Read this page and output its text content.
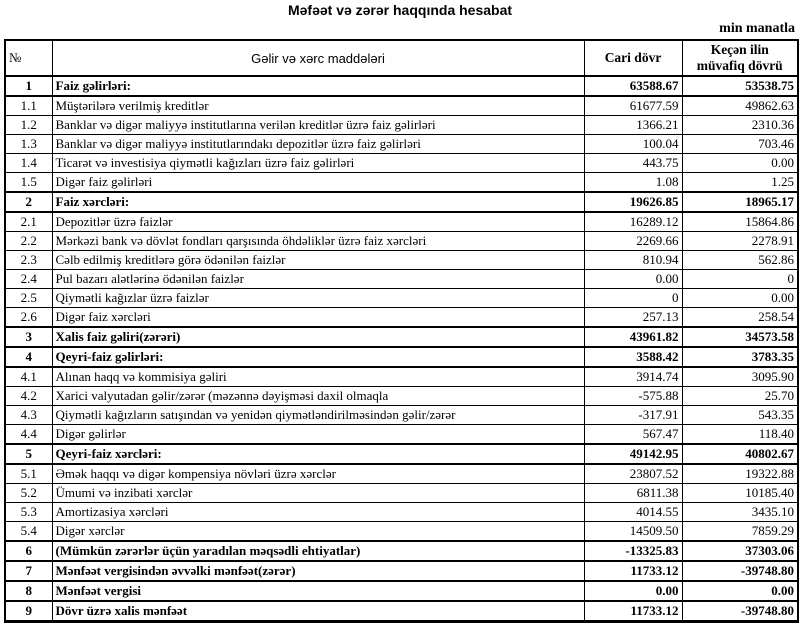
Məfəət və zərər haqqında hesabat
min manatla
№	Gəlir və xərc maddələri	Cari dövr	Keçən ilin müvafiq dövrü
1	Faiz gəlirləri:	63588.67	53538.75
1.1	Müştərilərə verilmiş kreditlər	61677.59	49862.63
1.2	Banklar və digər maliyyə institutlarına verilən kreditlər üzrə faiz gəlirləri	1366.21	2310.36
1.3	Banklar və digər maliyyə institutlarındakı depozitlər üzrə faiz gəlirləri	100.04	703.46
1.4	Ticarət və investisiya qiymətli kağızları üzrə faiz gəlirləri	443.75	0.00
1.5	Digər faiz gəlirləri	1.08	1.25
2	Faiz xərcləri:	19626.85	18965.17
2.1	Depozitlər üzrə faizlər	16289.12	15864.86
2.2	Mərkəzi bank və dövlət fondları qarşısında öhdəliklər üzrə faiz xərcləri	2269.66	2278.91
2.3	Cəlb edilmiş kreditlərə görə ödənilən faizlər	810.94	562.86
2.4	Pul bazarı alətlərinə ödənilən faizlər	0.00	0
2.5	Qiymətli kağızlar üzrə faizlər	0	0.00
2.6	Digər faiz xərcləri	257.13	258.54
3	Xalis faiz gəliri(zərəri)	43961.82	34573.58
4	Qeyri-faiz gəlirləri:	3588.42	3783.35
4.1	Alınan haqq və kommisiya gəliri	3914.74	3095.90
4.2	Xarici valyutadan gəlir/zərər (məzənnə dəyişməsi daxil olmaqla	-575.88	25.70
4.3	Qiymətli kağızların satışından və yenidən qiymətləndirilməsindən gəlir/zərər	-317.91	543.35
4.4	Digər gəlirlər	567.47	118.40
5	Qeyri-faiz xərcləri:	49142.95	40802.67
5.1	Əmək haqqı və digər kompensiya növləri üzrə xərclər	23807.52	19322.88
5.2	Ümumi və inzibati xərclər	6811.38	10185.40
5.3	Amortizasiya xərcləri	4014.55	3435.10
5.4	Digər xərclər	14509.50	7859.29
6	(Mümkün zərərlər üçün yaradılan məqsədli ehtiyatlar)	-13325.83	37303.06
7	Mənfəət vergisindən əvvəlki mənfəət(zərər)	11733.12	-39748.80
8	Mənfəət vergisi	0.00	0.00
9	Dövr üzrə xalis mənfəət	11733.12	-39748.80
